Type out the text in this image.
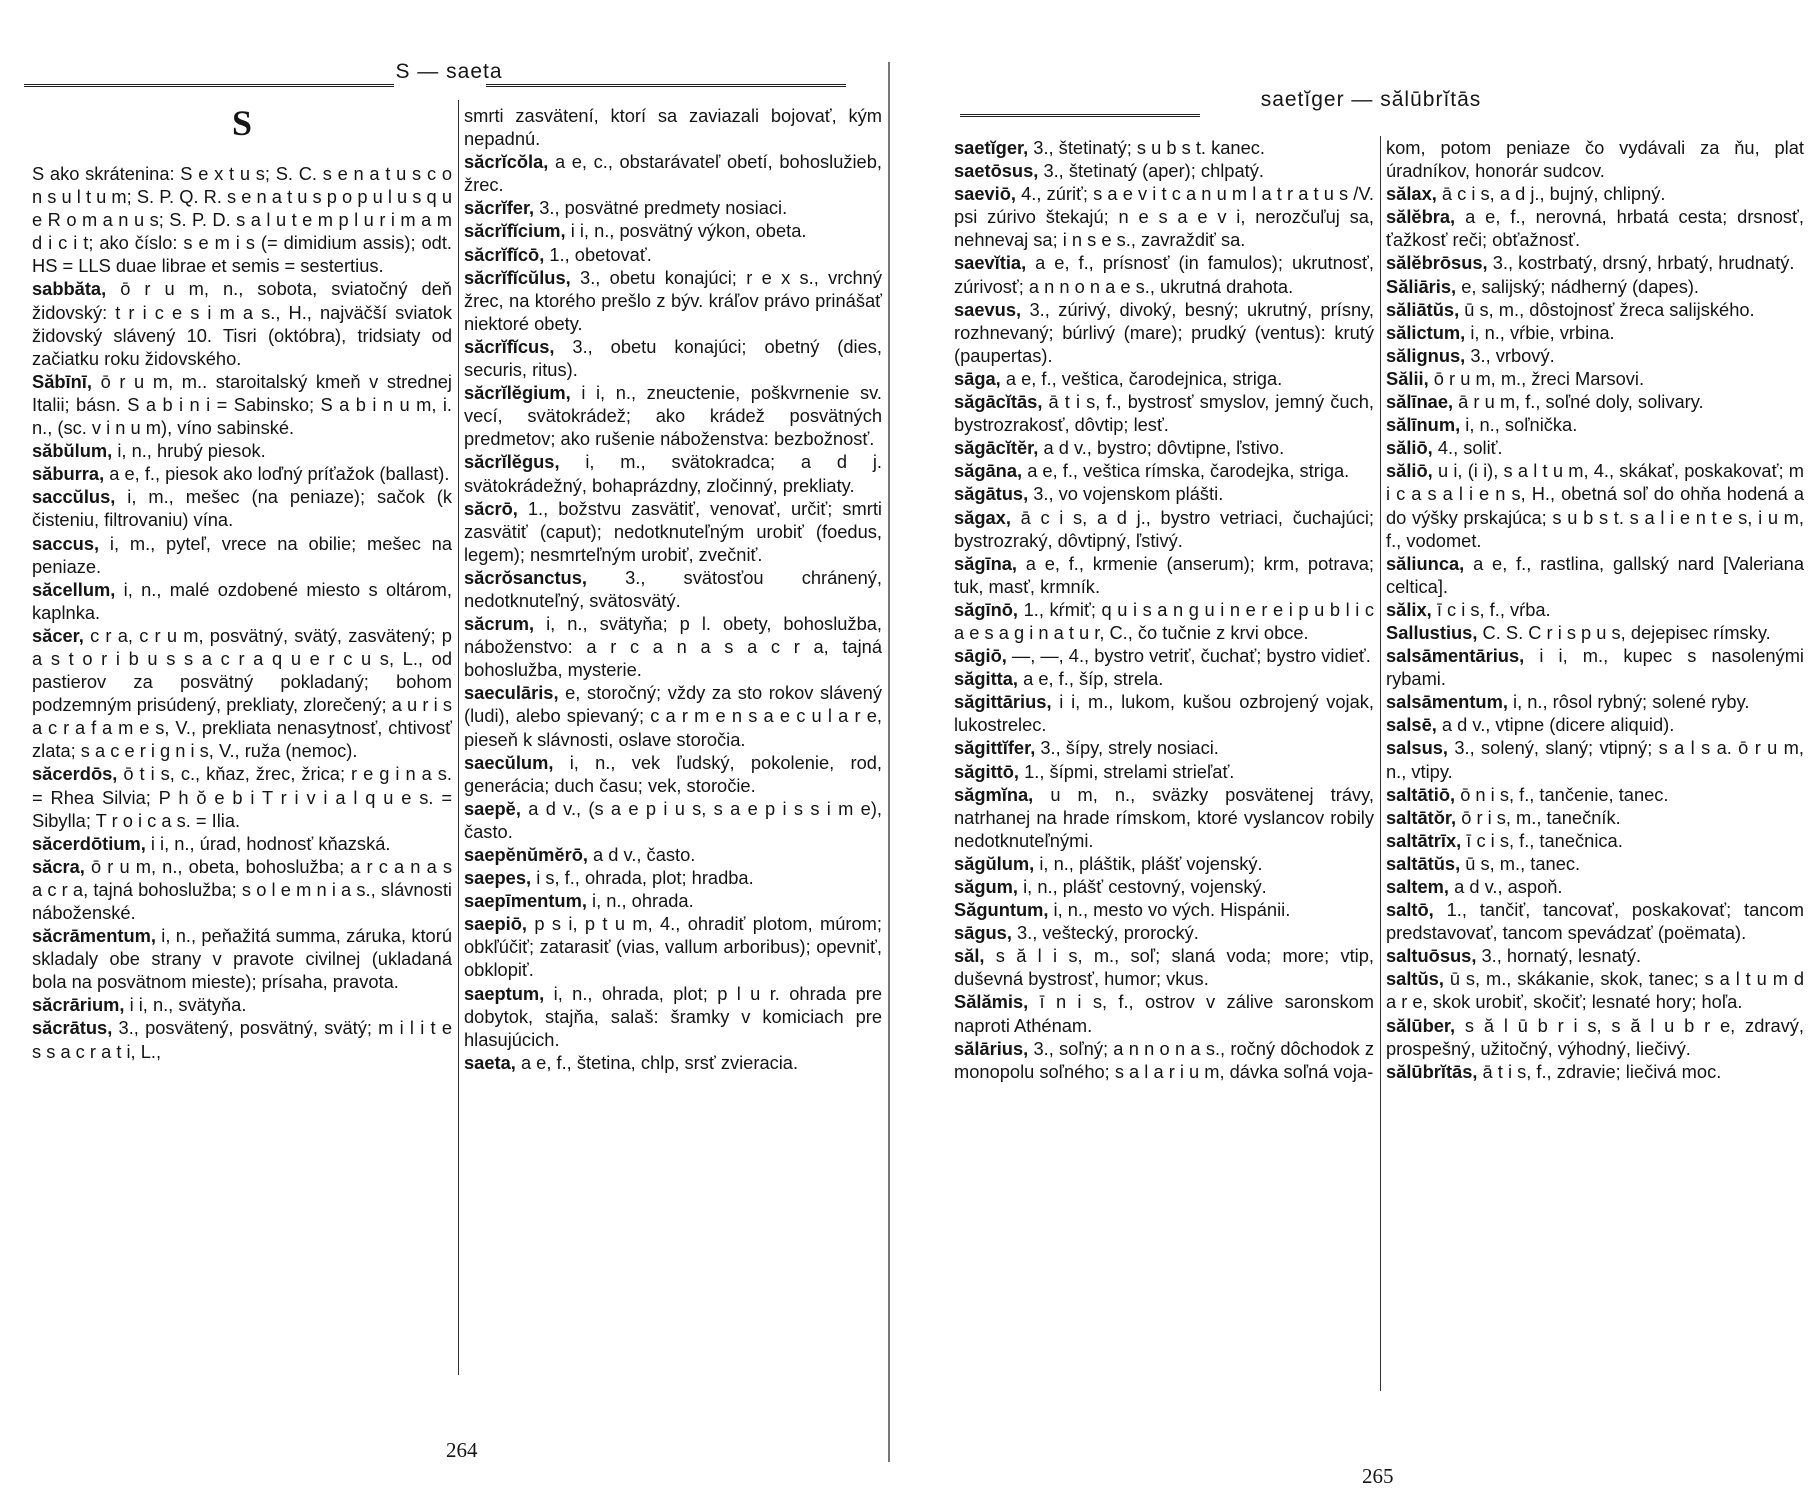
S — saeta
S

S ako skrátenina: S e x t u s; S. C. s e n a t u s c o n s u l t u m; S. P. Q. R. s e n a t u s p o p u l u s q u e R o m a n u s; S. P. D. s a l u t e m p l u r i m a m d i c i t; ako číslo: s e m i s (= dimidium assis); odt. HS = LLS duae librae et semis = sestertius.

sabbăta, ō r u m, n., sobota, sviatočný deň židovský: t r i c e s i m a s., H., najväčší sviatok židovský slávený 10. Tisri (októbra), tridsiaty od začiatku roku židovského.

Săbīnī, ō r u m, m.. staroitalský kmeň v strednej Italii; básn. S a b i n i = Sabinsko; S a b i n u m, i. n., (sc. v i n u m), víno sabinské.

săbŭlum, i, n., hrubý piesok.

săburra, a e, f., piesok ako loďný príťažok (ballast).

saccŭlus, i, m., mešec (na peniaze); sačok (k čisteniu, filtrovaniu) vína.

saccus, i, m., pyteľ, vrece na obilie; mešec na peniaze.

săcellum, i, n., malé ozdobené miesto s oltárom, kaplnka.

săcer, c r a, c r u m, posvätný, svätý, zasvätený; p a s t o r i b u s s a c r a q u e r c u s, L., od pastierov za posvätný pokladaný; bohom podzemným prisúdený, prekliaty, zlorečený; a u r i s a c r a f a m e s, V., prekliata nenasytnosť, chtivosť zlata; s a c e r i g n i s, V., ruža (nemoc).

săcerdōs, ō t i s, c., kňaz, žrec, žrica; r e g i n a s. = Rhea Silvia; P h ŏ e b i T r i v i a l q u e s. = Sibylla; T r o i c a s. = Ilia.

săcerdōtium, i i, n., úrad, hodnosť kňazská.

săcra, ō r u m, n., obeta, bohoslužba; a r c a n a s a c r a, tajná bohoslužba; s o l e m n i a s., slávnosti náboženské.

săcrāmentum, i, n., peňažitá summa, záruka, ktorú skladaly obe strany v pravote civilnej (ukladaná bola na posvätnom mieste); prísaha, pravota.

săcrārium, i i, n., svätyňa.

săcrātus, 3., posvätený, posvätný, svätý; m i l i t e s s a c r a t i, L.,

smrti zasvätení, ktorí sa zaviazali bojovať, kým nepadnú.

săcrĭcŏla, a e, c., obstarávateľ obetí, bohoslužieb, žrec.

săcrĭfer, 3., posvätné predmety nosiaci.

săcrĭfĭcium, i i, n., posvätný výkon, obeta.

săcrĭfĭcō, 1., obetovať.

săcrĭfĭcŭlus, 3., obetu konajúci; r e x s., vrchný žrec, na ktorého prešlo z býv. kráľov právo prinášať niektoré obety.

săcrĭfĭcus, 3., obetu konajúci; obetný (dies, securis, ritus).

săcrĭlĕgium, i i, n., zneuctenie, poškvrnenie sv. vecí, svätokrádež; ako krádež posvätných predmetov; ako rušenie náboženstva: bezbožnosť.

săcrĭlĕgus, i, m., svätokradca; a d j. svätokrádežný, bohaprázdny, zločinný, prekliaty.

săcrō, 1., božstvu zasvätiť, venovať, určiť; smrti zasvätiť (caput); nedotknuteľným urobiť (foedus, legem); nesmrteľným urobiť, zvečniť.

săcrŏsanctus, 3., svätosťou chránený, nedotknuteľný, svätosvätý.

săcrum, i, n., svätyňa; p l. obety, bohoslužba, náboženstvo: a r c a n a s a c r a, tajná bohoslužba, mysterie.

saeculāris, e, storočný; vždy za sto rokov slávený (ludi), alebo spievaný; c a r m e n s a e c u l a r e, pieseň k slávnosti, oslave storočia.

saecŭlum, i, n., vek ľudský, pokolenie, rod, generácia; duch času; vek, storočie.

saepĕ, a d v., (s a e p i u s, s a e p i s s i m e), často.

saepĕnŭmĕrō, a d v., často.

saepes, i s, f., ohrada, plot; hradba.

saepīmentum, i, n., ohrada.

saepiō, p s i, p t u m, 4., ohradiť plotom, múrom; obkľúčiť; zatarasiť (vias, vallum arboribus); opevniť, obklopiť.

saeptum, i, n., ohrada, plot; p l u r. ohrada pre dobytok, stajňa, salaš: šramky v komiciach pre hlasujúcich.

saeta, a e, f., štetina, chlp, srsť zvieracia.

264
saetĭger — sălūbrĭtās

saetĭger, 3., štetinatý; s u b s t. kanec.

saetōsus, 3., štetinatý (aper); chlpatý.

saeviō, 4., zúriť; s a e v i t c a n u m l a t r a t u s /V. psi zúrivo štekajú; n e s a e v i, nerozčuľuj sa, nehnevaj sa; i n s e s., zavraždiť sa.

saevĭtia, a e, f., prísnosť (in famulos); ukrutnosť, zúrivosť; a n n o n a e s., ukrutná drahota.

saevus, 3., zúrivý, divoký, besný; ukrutný, prísny, rozhnevaný; búrlivý (mare); prudký (ventus): krutý (paupertas).

sāga, a e, f., veštica, čarodejnica, striga.

săgācĭtās, ā t i s, f., bystrosť smyslov, jemný čuch, bystrozrakosť, dôvtip; lesť.

săgācĭtĕr, a d v., bystro; dôvtipne, ľstivo.

săgāna, a e, f., veštica rímska, čarodejka, striga.

săgātus, 3., vo vojenskom plášti.

săgax, ā c i s, a d j., bystro vetriaci, čuchajúci; bystrozraký, dôvtipný, ľstivý.

săgīna, a e, f., krmenie (anserum); krm, potrava; tuk, masť, krmník.

săgīnō, 1., kŕmiť; q u i s a n g u i n e r e i p u b l i c a e s a g i n a t u r, C., čo tučnie z krvi obce.

sāgiō, —, —, 4., bystro vetriť, čuchať; bystro vidieť.

săgitta, a e, f., šíp, strela.

săgittārius, i i, m., lukom, kušou ozbrojený vojak, lukostrelec.

săgittĭfer, 3., šípy, strely nosiaci.

săgittō, 1., šípmi, strelami strieľať.

săgmĭna, u m, n., sväzky posvätenej trávy, natrhanej na hrade rímskom, ktoré vyslancov robily nedotknuteľnými.

săgŭlum, i, n., pláštik, plášť vojenský.

săgum, i, n., plášť cestovný, vojenský.

Săguntum, i, n., mesto vo vých. Hispánii.

sāgus, 3., veštecký, prorocký.

săl, s ă l i s, m., soľ; slaná voda; more; vtip, duševná bystrosť, humor; vkus.

Sălămis, ī n i s, f., ostrov v zálive saronskom naproti Athénam.

sălārius, 3., soľný; a n n o n a s., ročný dôchodok z monopolu soľného; s a l a r i u m, dávka soľná voja-

kom, potom peniaze čo vydávali za ňu, plat úradníkov, honorár sudcov.

sălax, ā c i s, a d j., bujný, chlipný.

sălĕbra, a e, f., nerovná, hrbatá cesta; drsnosť, ťažkosť reči; obťažnosť.

sălĕbrōsus, 3., kostrbatý, drsný, hrbatý, hrudnatý.

Săliāris, e, salijský; nádherný (dapes).

săliātŭs, ū s, m., dôstojnosť žreca salijského.

sălictum, i, n., vŕbie, vrbina.

sălignus, 3., vrbový.

Sălii, ō r u m, m., žreci Marsovi.

sălīnae, ā r u m, f., soľné doly, solivary.

sălīnum, i, n., soľnička.

săliō, 4., soliť.

săliō, u i, (i i), s a l t u m, 4., skákať, poskakovať; m i c a s a l i e n s, H., obetná soľ do ohňa hodená a do výšky prskajúca; s u b s t. s a l i e n t e s, i u m, f., vodomet.

săliunca, a e, f., rastlina, gallský nard [Valeriana celtica].

sălix, ī c i s, f., vŕba.

Sallustius, C. S. C r i s p u s, dejepisec rímsky.

salsāmentārius, i i, m., kupec s nasolenými rybami.

salsāmentum, i, n., rôsol rybný; solené ryby.

salsē, a d v., vtipne (dicere aliquid).

salsus, 3., solený, slaný; vtipný; s a l s a. ō r u m, n., vtipy.

saltātiō, ō n i s, f., tančenie, tanec.

saltātŏr, ō r i s, m., tanečník.

saltātrīx, ī c i s, f., tanečnica.

saltātŭs, ū s, m., tanec.

saltem, a d v., aspoň.

saltō, 1., tančiť, tancovať, poskakovať; tancom predstavovať, tancom spevádzať (poëmata).

saltuōsus, 3., hornatý, lesnatý.

saltŭs, ū s, m., skákanie, skok, tanec; s a l t u m d a r e, skok urobiť, skočiť; lesnaté hory; hoľa.

sălūber, s ă l ū b r i s, s ă l u b r e, zdravý, prospešný, užitočný, výhodný, liečivý.

sălūbrĭtās, ā t i s, f., zdravie; liečivá moc.

265
